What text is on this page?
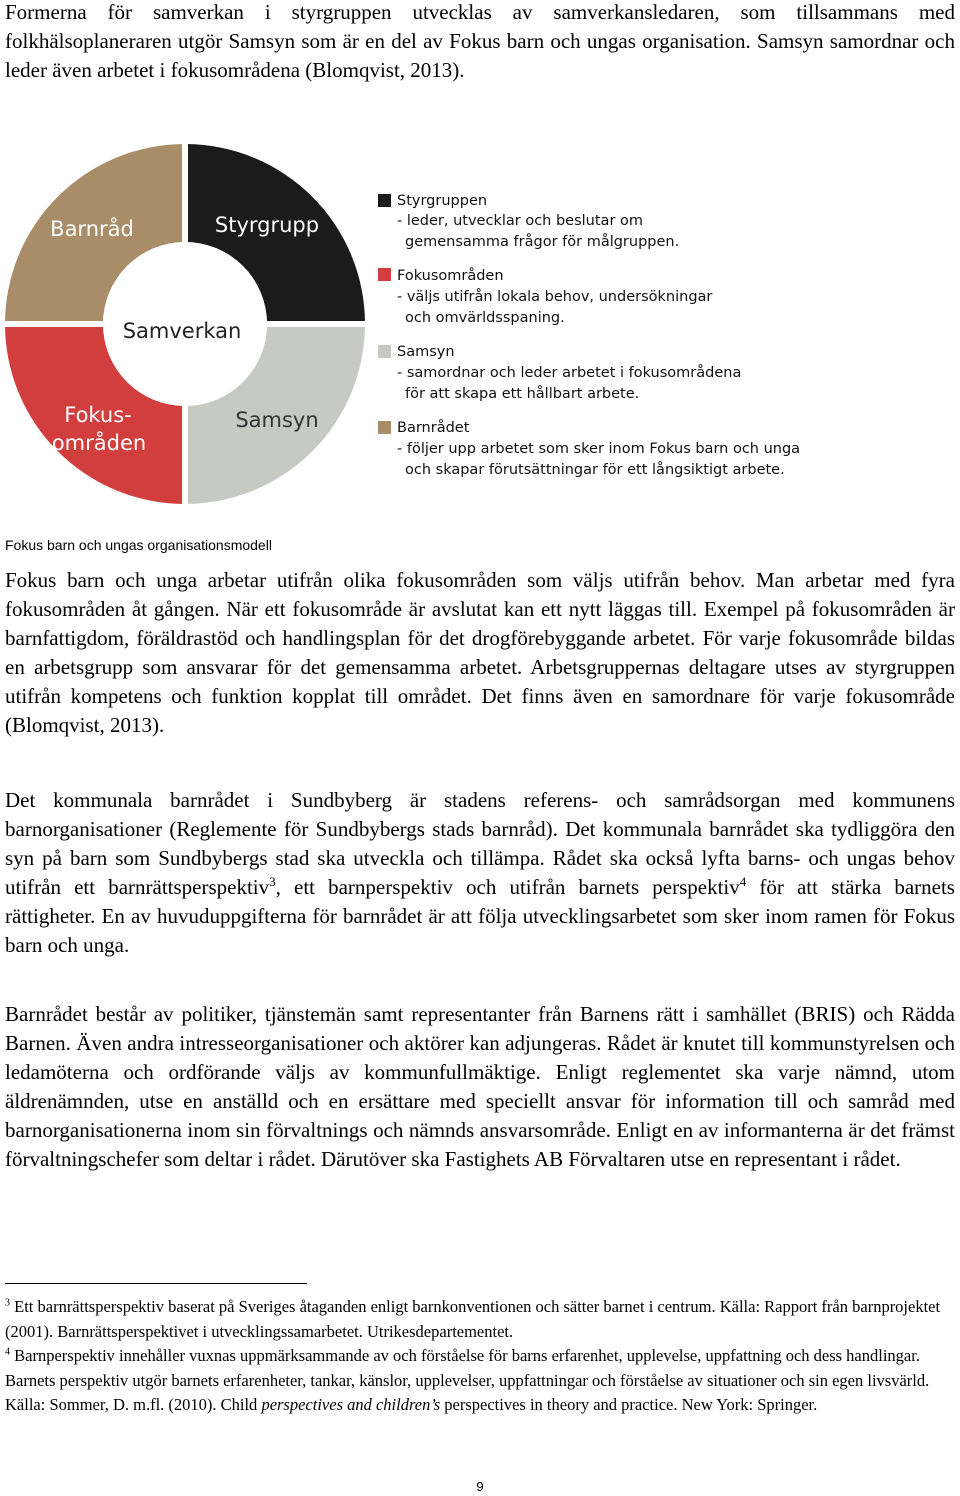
Formerna för samverkan i styrgruppen utvecklas av samverkansledaren, som tillsammans med folkhälsoplaneraren utgör Samsyn som är en del av Fokus barn och ungas organisation. Samsyn samordnar och leder även arbetet i fokusområdena (Blomqvist, 2013).

Barnråd	Styrgrupp
Samsyn
Fokus-
områden
Samverkan
Styrgruppen
- leder, utvecklar och beslutar om
gemensamma frågor för målgruppen.
Fokusområden
- väljs utifrån lokala behov, undersökningar
och omvärldsspaning.
Samsyn
- samordnar och leder arbetet i fokusområdena
för att skapa ett hållbart arbete.
Barnrådet
- följer upp arbetet som sker inom Fokus barn och unga
och skapar förutsättningar för ett långsiktigt arbete.
Fokus barn och ungas organisationsmodell

Fokus barn och unga arbetar utifrån olika fokusområden som väljs utifrån behov. Man arbetar med fyra fokusområden åt gången. När ett fokusområde är avslutat kan ett nytt läggas till. Exempel på fokusområden är barnfattigdom, föräldrastöd och handlingsplan för det drogförebyggande arbetet. För varje fokusområde bildas en arbetsgrupp som ansvarar för det gemensamma arbetet. Arbetsgruppernas deltagare utses av styrgruppen utifrån kompetens och funktion kopplat till området. Det finns även en samordnare för varje fokusområde (Blomqvist, 2013).

Det kommunala barnrådet i Sundbyberg är stadens referens- och samrådsorgan med kommunens barnorganisationer (Reglemente för Sundbybergs stads barnråd). Det kommunala barnrådet ska tydliggöra den syn på barn som Sundbybergs stad ska utveckla och tillämpa. Rådet ska också lyfta barns- och ungas behov utifrån ett barnrättsperspektiv$^3$, ett barnperspektiv och utifrån barnets perspektiv$^4$ för att stärka barnets rättigheter. En av huvuduppgifterna för barnrådet är att följa utvecklingsarbetet som sker inom ramen för Fokus barn och unga.

Barnrådet består av politiker, tjänstemän samt representanter från Barnens rätt i samhället (BRIS) och Rädda Barnen. Även andra intresseorganisationer och aktörer kan adjungeras. Rådet är knutet till kommunstyrelsen och ledamöterna och ordförande väljs av kommunfullmäktige. Enligt reglementet ska varje nämnd, utom äldrenämnden, utse en anställd och en ersättare med speciellt ansvar för information till och samråd med barnorganisationerna inom sin förvaltnings och nämnds ansvarsområde. Enligt en av informanterna är det främst förvaltningschefer som deltar i rådet. Därutöver ska Fastighets AB Förvaltaren utse en representant i rådet.

$^3$ Ett barnrättsperspektiv baserat på Sveriges åtaganden enligt barnkonventionen och sätter barnet i centrum. Källa: Rapport från barnprojektet (2001). Barnrättsperspektivet i utvecklingssamarbetet. Utrikesdepartementet.

$^4$ Barnperspektiv innehåller vuxnas uppmärksammande av och förståelse för barns erfarenhet, upplevelse, uppfattning och dess handlingar. Barnets perspektiv utgör barnets erfarenheter, tankar, känslor, upplevelser, uppfattningar och förståelse av situationer och sin egen livsvärld. Källa: Sommer, D. m.fl. (2010). Child perspectives and children’s perspectives in theory and practice. New York: Springer.

9
